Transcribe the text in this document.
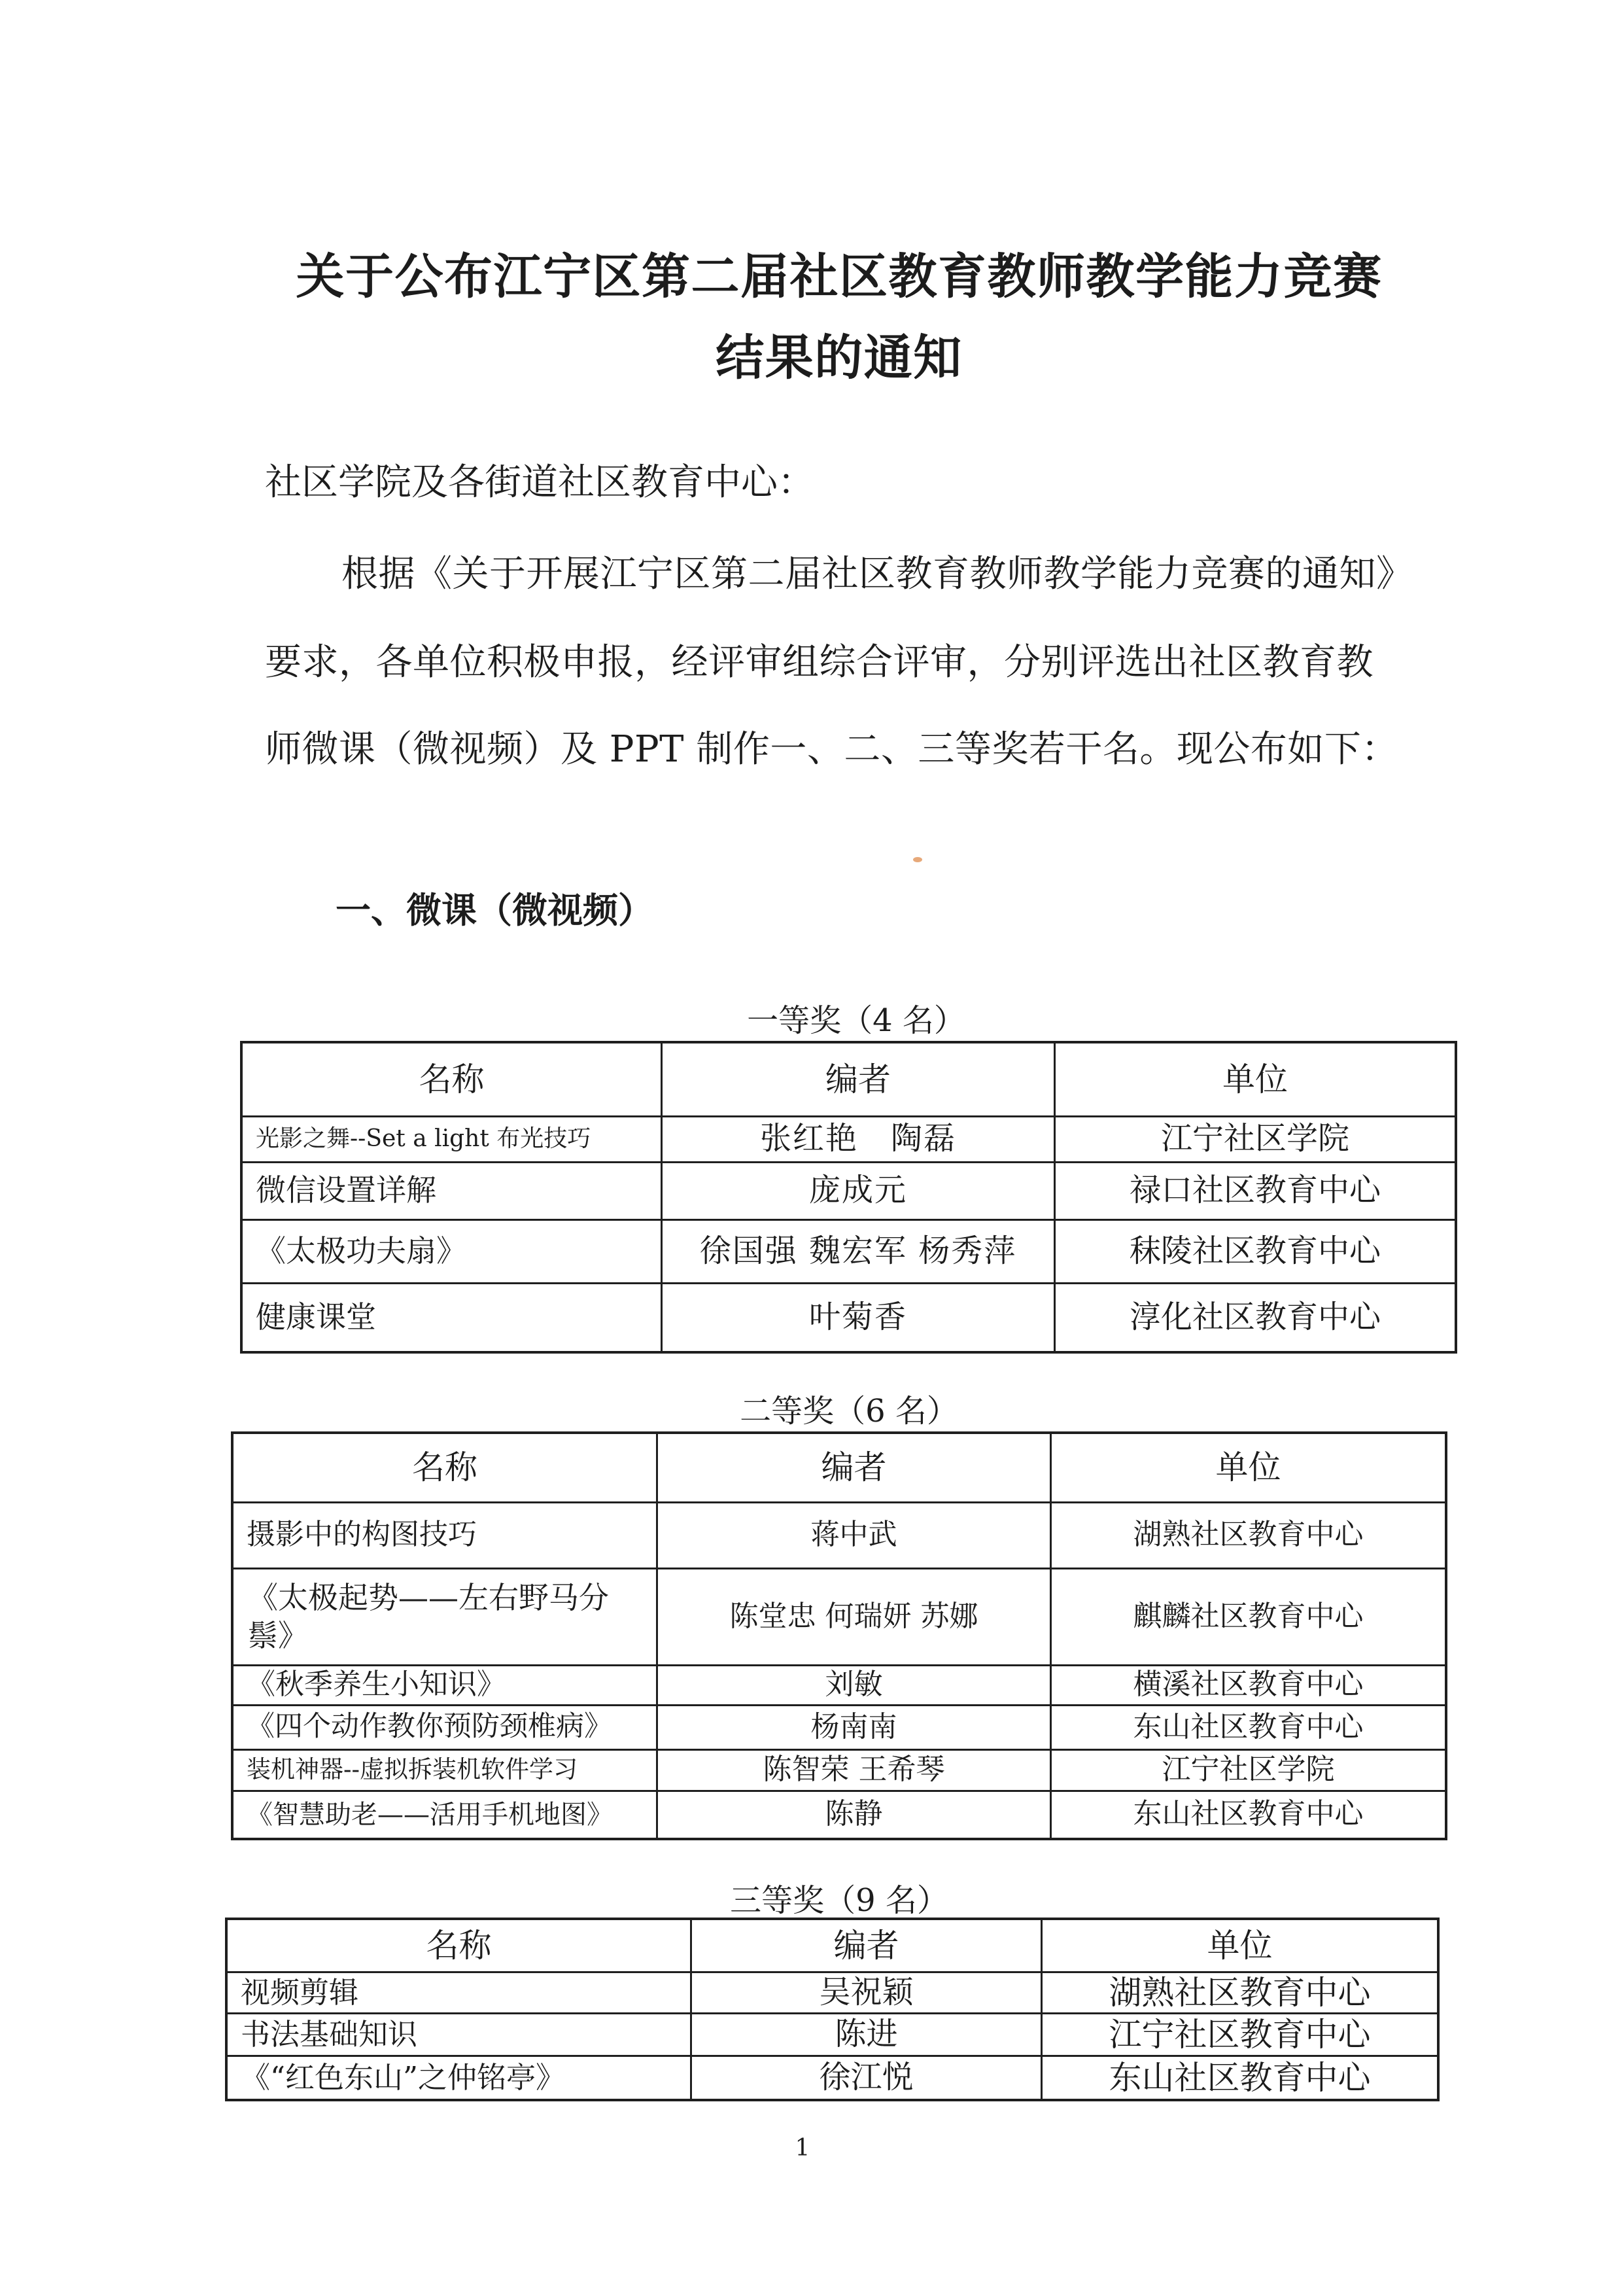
关于公布江宁区第二届社区教育教师教学能力竞赛
结果的通知
社区学院及各街道社区教育中心：
根据《关于开展江宁区第二届社区教育教师教学能力竞赛的通知》
要求，各单位积极申报，经评审组综合评审，分别评选出社区教育教
师微课（微视频）及 PPT 制作一、二、三等奖若干名。现公布如下：
一、微课（微视频）
一等奖（4 名）
名称	编者	单位
光影之舞--Set a light 布光技巧	张红艳　陶磊	江宁社区学院
微信设置详解	庞成元	禄口社区教育中心
《太极功夫扇》	徐国强 魏宏军 杨秀萍	秣陵社区教育中心
健康课堂	叶菊香	淳化社区教育中心
二等奖（6 名）
名称	编者	单位
摄影中的构图技巧	蒋中武	湖熟社区教育中心
《太极起势——左右野马分鬃》	陈堂忠 何瑞妍 苏娜	麒麟社区教育中心
《秋季养生小知识》	刘敏	横溪社区教育中心
《四个动作教你预防颈椎病》	杨南南	东山社区教育中心
装机神器--虚拟拆装机软件学习	陈智荣 王希琴	江宁社区学院
《智慧助老——活用手机地图》	陈静	东山社区教育中心
三等奖（9 名）
名称	编者	单位
视频剪辑	吴祝颖	湖熟社区教育中心
书法基础知识	陈进	江宁社区教育中心
《“红色东山”之仲铭亭》	徐江悦	东山社区教育中心
1
